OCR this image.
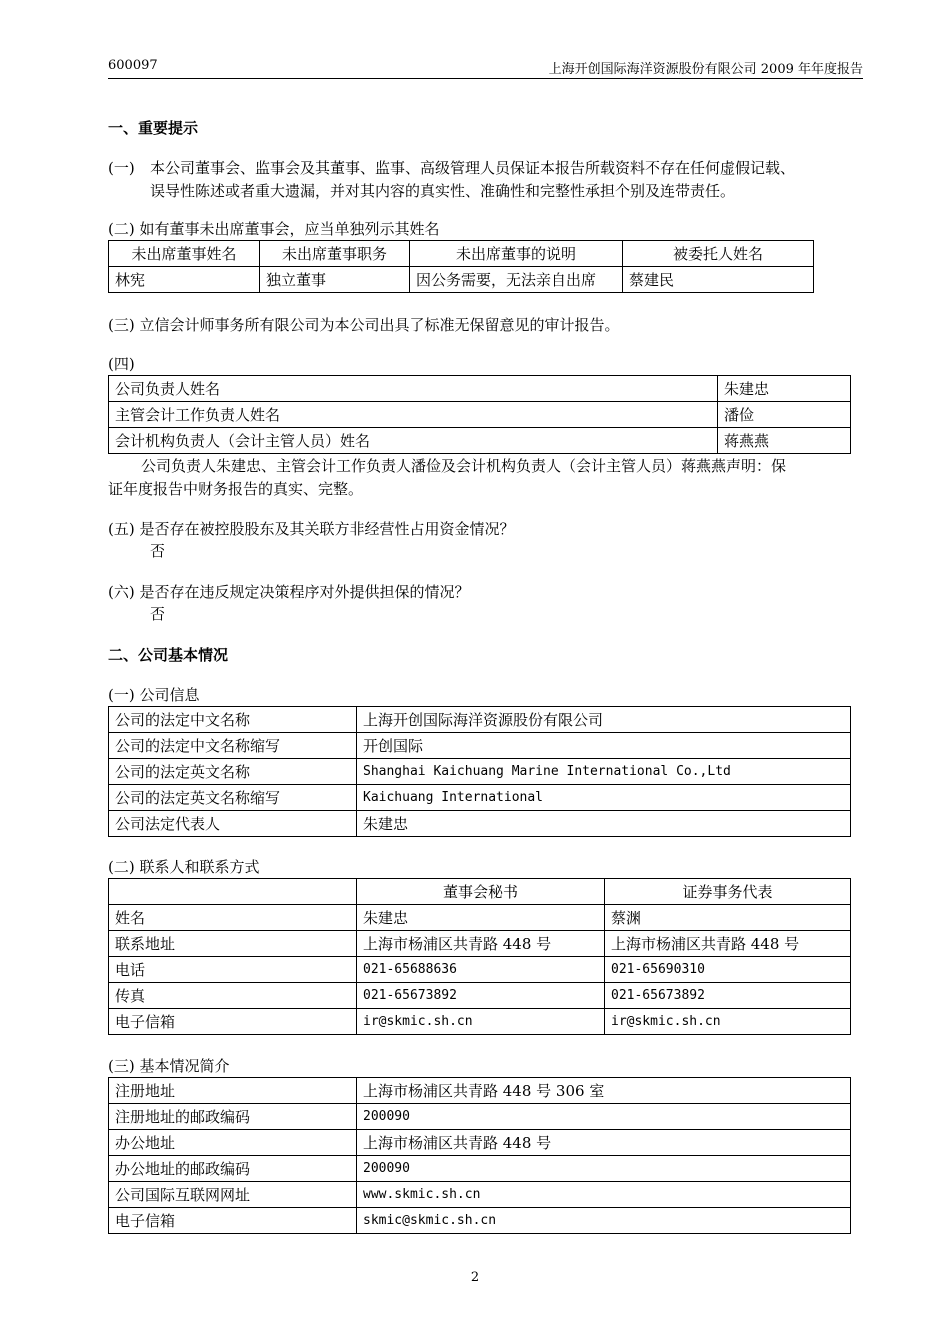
600097	上海开创国际海洋资源股份有限公司 2009 年年度报告
一、重要提示
(一) 本公司董事会、监事会及其董事、监事、高级管理人员保证本报告所载资料不存在任何虚假记载、
误导性陈述或者重大遗漏，并对其内容的真实性、准确性和完整性承担个别及连带责任。
(二) 如有董事未出席董事会，应当单独列示其姓名
未出席董事姓名	未出席董事职务	未出席董事的说明	被委托人姓名
林宪	独立董事	因公务需要，无法亲自出席	蔡建民
(三) 立信会计师事务所有限公司为本公司出具了标准无保留意见的审计报告。
(四)
公司负责人姓名	朱建忠
主管会计工作负责人姓名	潘俭
会计机构负责人（会计主管人员）姓名	蒋燕燕
公司负责人朱建忠、主管会计工作负责人潘俭及会计机构负责人（会计主管人员）蒋燕燕声明：保
证年度报告中财务报告的真实、完整。
(五) 是否存在被控股股东及其关联方非经营性占用资金情况？
否
(六) 是否存在违反规定决策程序对外提供担保的情况？
否
二、公司基本情况
(一) 公司信息
公司的法定中文名称	上海开创国际海洋资源股份有限公司
公司的法定中文名称缩写	开创国际
公司的法定英文名称	Shanghai Kaichuang Marine International Co.,Ltd
公司的法定英文名称缩写	Kaichuang International
公司法定代表人	朱建忠
(二) 联系人和联系方式
	董事会秘书	证券事务代表
姓名	朱建忠	蔡渊
联系地址	上海市杨浦区共青路 448 号	上海市杨浦区共青路 448 号
电话	021-65688636	021-65690310
传真	021-65673892	021-65673892
电子信箱	ir@skmic.sh.cn	ir@skmic.sh.cn
(三) 基本情况简介
注册地址	上海市杨浦区共青路 448 号 306 室
注册地址的邮政编码	200090
办公地址	上海市杨浦区共青路 448 号
办公地址的邮政编码	200090
公司国际互联网网址	www.skmic.sh.cn
电子信箱	skmic@skmic.sh.cn
2
